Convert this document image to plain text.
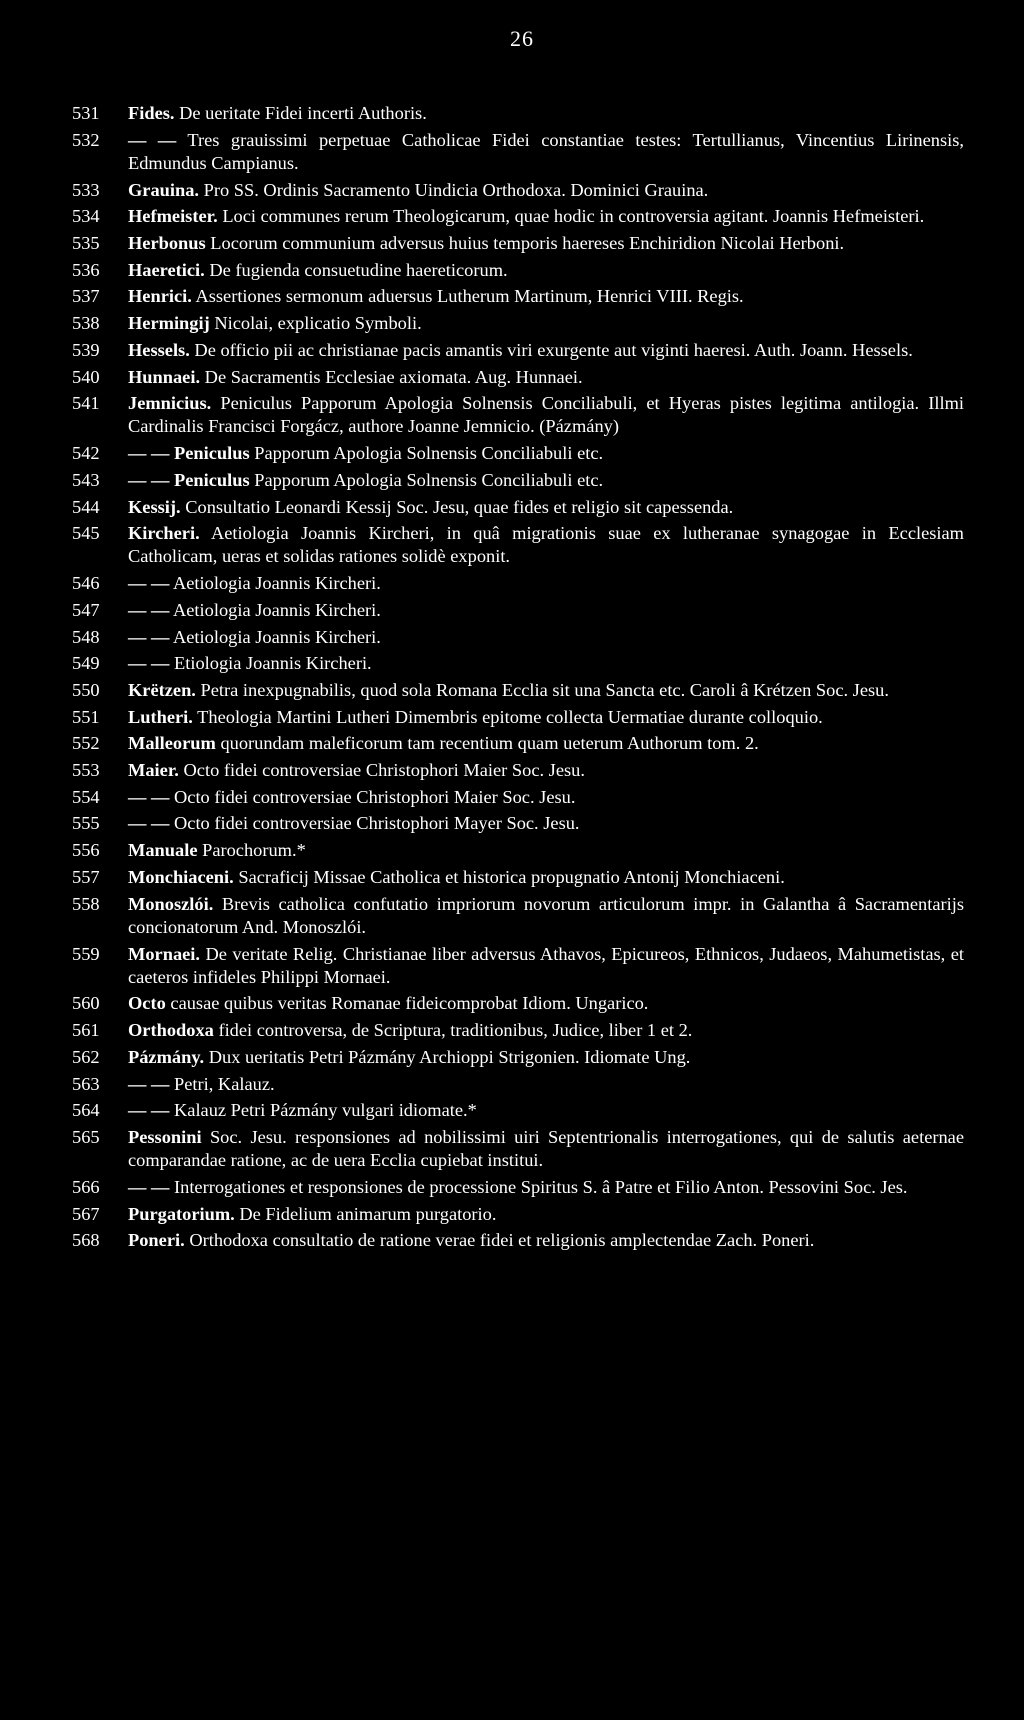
26
531	Fides. De ueritate Fidei incerti Authoris.
532	— — Tres grauissimi perpetuae Catholicae Fidei constantiae testes: Tertullianus, Vincentius Lirinensis, Edmundus Campianus.
533	Grauina. Pro SS. Ordinis Sacramento Uindicia Orthodoxa. Dominici Grauina.
534	Hefmeister. Loci communes rerum Theologicarum, quae hodic in controversia agitant. Joannis Hefmeisteri.
535	Herbonus Locorum communium adversus huius temporis haereses Enchiridion Nicolai Herboni.
536	Haeretici. De fugienda consuetudine haereticorum.
537	Henrici. Assertiones sermonum aduersus Lutherum Martinum, Henrici VIII. Regis.
538	Hermingij Nicolai, explicatio Symboli.
539	Hessels. De officio pii ac christianae pacis amantis viri exurgente aut viginti haeresi. Auth. Joann. Hessels.
540	Hunnaei. De Sacramentis Ecclesiae axiomata. Aug. Hunnaei.
541	Jemnicius. Peniculus Papporum Apologia Solnensis Conciliabuli, et Hyeras pistes legitima antilogia. Illmi Cardinalis Francisci Forgácz, authore Joanne Jemnicio. (Pázmány)
542	— — Peniculus Papporum Apologia Solnensis Conciliabuli etc.
543	— — Peniculus Papporum Apologia Solnensis Conciliabuli etc.
544	Kessij. Consultatio Leonardi Kessij Soc. Jesu, quae fides et religio sit capessenda.
545	Kircheri. Aetiologia Joannis Kircheri, in quâ migrationis suae ex lutheranae synagogae in Ecclesiam Catholicam, ueras et solidas rationes solidè exponit.
546	— — Aetiologia Joannis Kircheri.
547	— — Aetiologia Joannis Kircheri.
548	— — Aetiologia Joannis Kircheri.
549	— — Etiologia Joannis Kircheri.
550	Krëtzen. Petra inexpugnabilis, quod sola Romana Ecclia sit una Sancta etc. Caroli â Krétzen Soc. Jesu.
551	Lutheri. Theologia Martini Lutheri Dimembris epitome collecta Uermatiae durante colloquio.
552	Malleorum quorundam maleficorum tam recentium quam ueterum Authorum tom. 2.
553	Maier. Octo fidei controversiae Christophori Maier Soc. Jesu.
554	— — Octo fidei controversiae Christophori Maier Soc. Jesu.
555	— — Octo fidei controversiae Christophori Mayer Soc. Jesu.
556	Manuale Parochorum.*
557	Monchiaceni. Sacraficij Missae Catholica et historica propugnatio Antonij Monchiaceni.
558	Monoszlói. Brevis catholica confutatio impriorum novorum articulorum impr. in Galantha â Sacramentarijs concionatorum And. Monoszlói.
559	Mornaei. De veritate Relig. Christianae liber adversus Athavos, Epicureos, Ethnicos, Judaeos, Mahumetistas, et caeteros infideles Philippi Mornaei.
560	Octo causae quibus veritas Romanae fideicomprobat Idiom. Ungarico.
561	Orthodoxa fidei controversa, de Scriptura, traditionibus, Judice, liber 1 et 2.
562	Pázmány. Dux ueritatis Petri Pázmány Archioppi Strigonien. Idiomate Ung.
563	— — Petri, Kalauz.
564	— — Kalauz Petri Pázmány vulgari idiomate.*
565	Pessonini Soc. Jesu. responsiones ad nobilissimi uiri Septentrionalis interrogationes, qui de salutis aeternae comparandae ratione, ac de uera Ecclia cupiebat institui.
566	— — Interrogationes et responsiones de processione Spiritus S. â Patre et Filio Anton. Pessovini Soc. Jes.
567	Purgatorium. De Fidelium animarum purgatorio.
568	Poneri. Orthodoxa consultatio de ratione verae fidei et religionis amplectendae Zach. Poneri.
